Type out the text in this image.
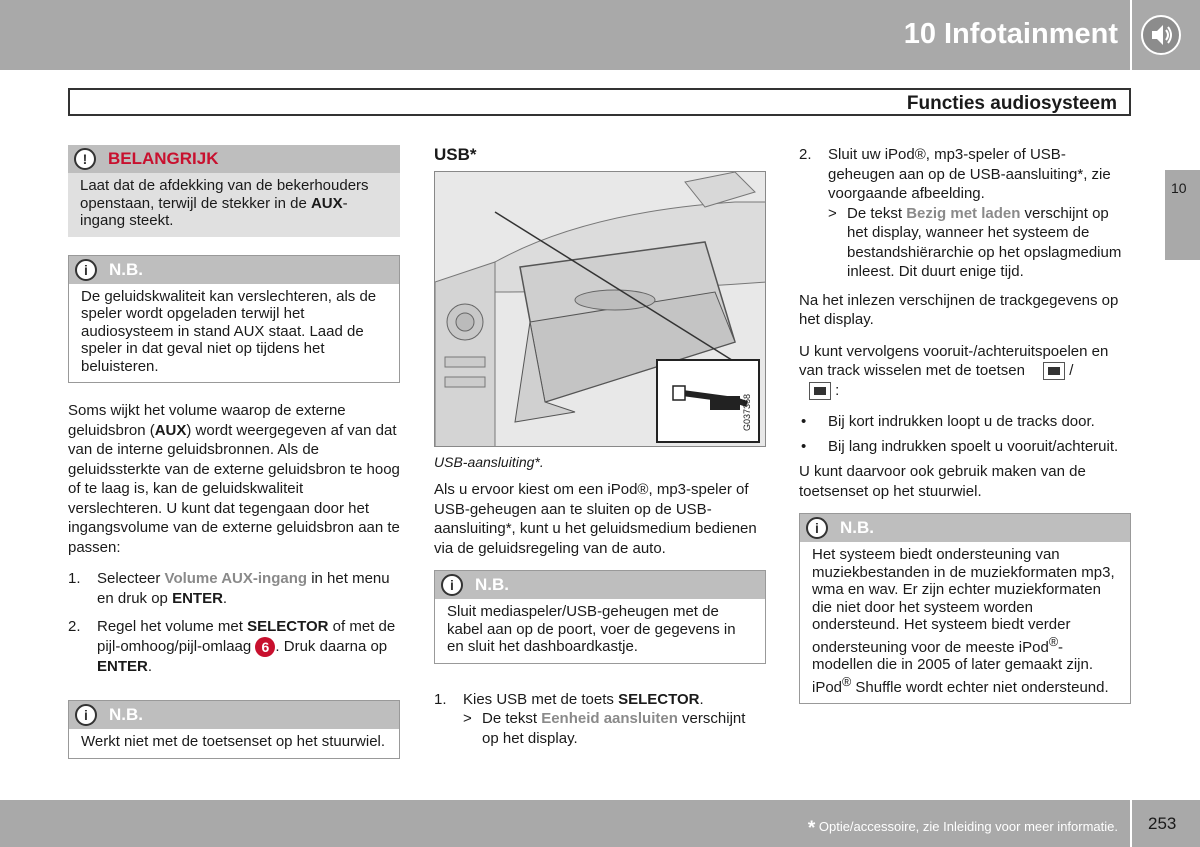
10 Infotainment
Functies audiosysteem
10
!	BELANGRIJK
Laat dat de afdekking van de bekerhouders openstaan, terwijl de stekker in de AUX-ingang steekt.
i	N.B.
De geluidskwaliteit kan verslechteren, als de speler wordt opgeladen terwijl het audiosysteem in stand AUX staat. Laad de speler in dat geval niet op tijdens het beluisteren.

Soms wijkt het volume waarop de externe geluidsbron (AUX) wordt weergegeven af van dat van de interne geluidsbronnen. Als de geluidssterkte van de externe geluidsbron te hoog of te laag is, kan de geluidskwaliteit verslechteren. U kunt dat tegengaan door het ingangsvolume van de externe geluidsbron aan te passen:

1. Selecteer Volume AUX-ingang in het menu en druk op ENTER.
2. Regel het volume met SELECTOR of met de pijl-omhoog/pijl-omlaag 6 . Druk daarna op ENTER.
i	N.B.
Werkt niet met de toetsenset op het stuurwiel.
USB*
G037368
USB-aansluiting*.

Als u ervoor kiest om een iPod®, mp3-speler of USB-geheugen aan te sluiten op de USB-aansluiting*, kunt u het geluidsmedium bedienen via de geluidsregeling van de auto.

i	N.B.
Sluit mediaspeler/USB-geheugen met de kabel aan op de poort, voer de gegevens in en sluit het dashboardkastje.
1. Kies USB met de toets SELECTOR.
> De tekst Eenheid aansluiten verschijnt op het display.
2. Sluit uw iPod®, mp3-speler of USB-geheugen aan op de USB-aansluiting*, zie voorgaande afbeelding.
> De tekst Bezig met laden verschijnt op het display, wanneer het systeem de bestandshiërarchie op het opslagmedium inleest. Dit duurt enige tijd.

Na het inlezen verschijnen de trackgegevens op het display.

U kunt vervolgens vooruit-/achteruitspoelen en van track wisselen met de toetsen	/
:

• Bij kort indrukken loopt u de tracks door.
• Bij lang indrukken spoelt u vooruit/achteruit.

U kunt daarvoor ook gebruik maken van de toetsenset op het stuurwiel.

i	N.B.
Het systeem biedt ondersteuning van muziekbestanden in de muziekformaten mp3, wma en wav. Er zijn echter muziekformaten die niet door het systeem worden ondersteund. Het systeem biedt verder ondersteuning voor de meeste iPod®-modellen die in 2005 of later gemaakt zijn. iPod® Shuffle wordt echter niet ondersteund.
* Optie/accessoire, zie Inleiding voor meer informatie. 253
